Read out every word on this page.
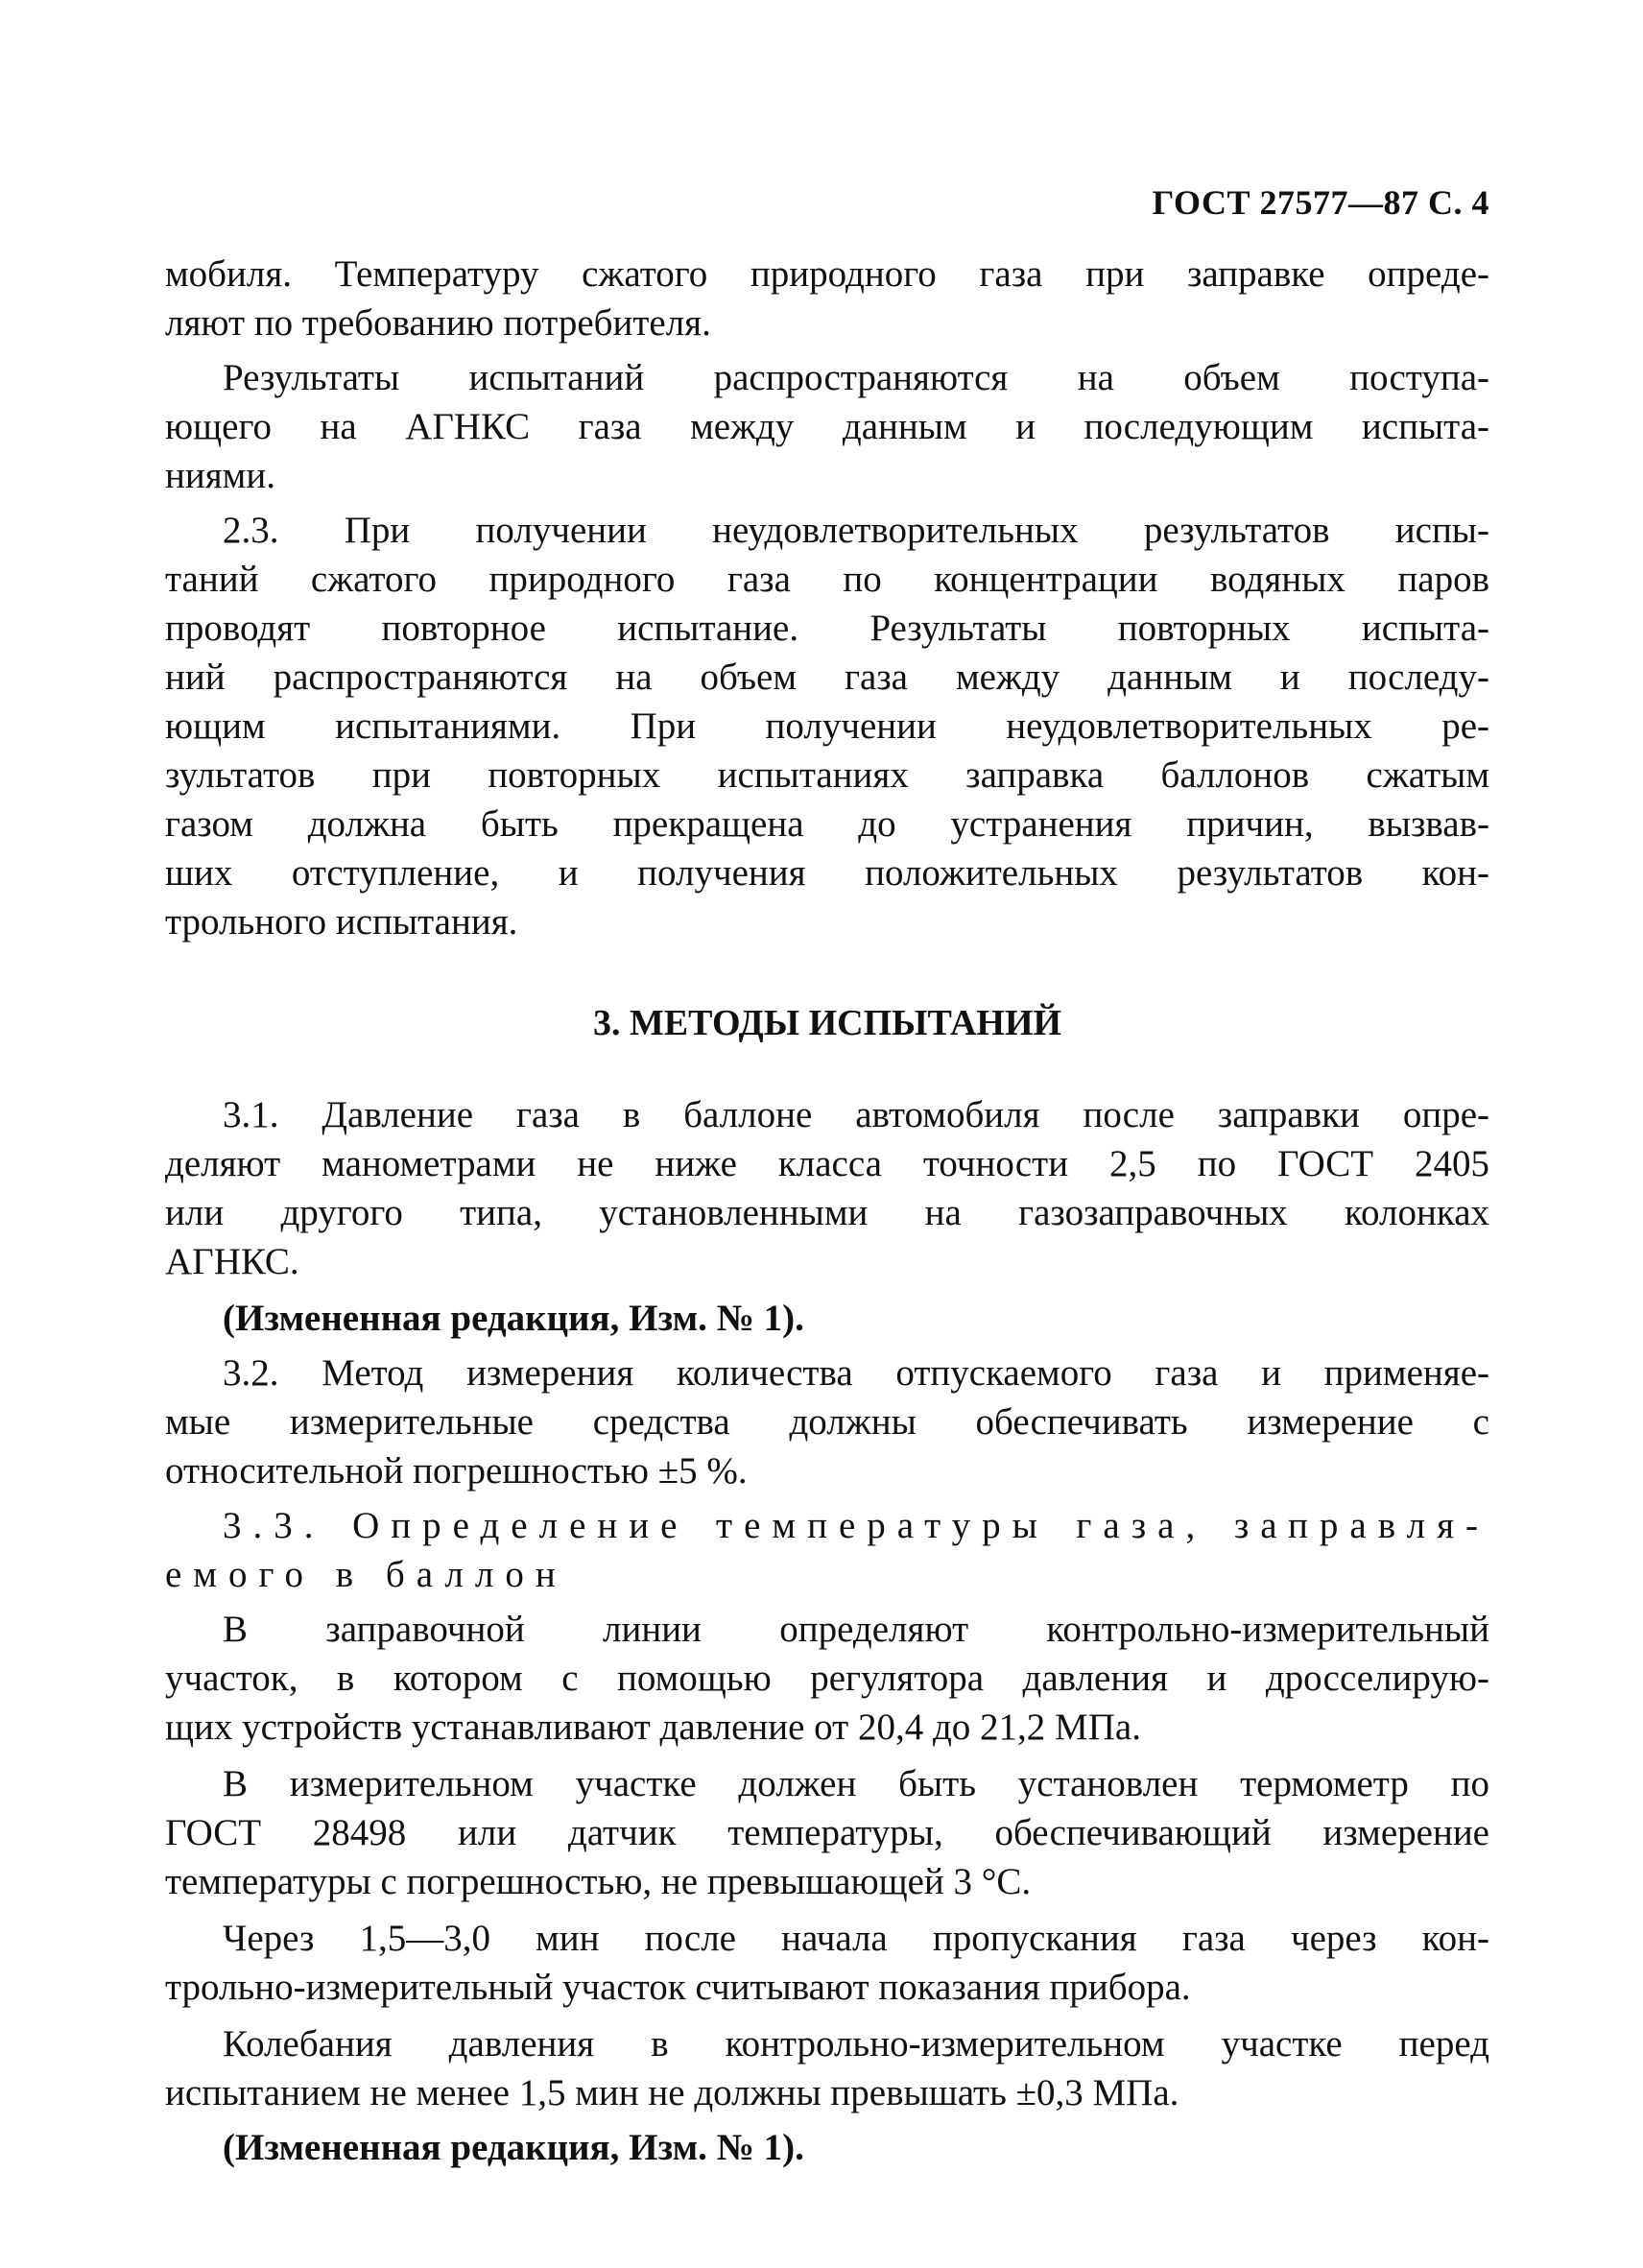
ГОСТ 27577—87 С. 4
мобиля. Температуру сжатого природного газа при заправке опреде-
ляют по требованию потребителя.
Результаты испытаний распространяются на объем поступа-
ющего на АГНКС газа между данным и последующим испыта-
ниями.
2.3. При получении неудовлетворительных результатов испы-
таний сжатого природного газа по концентрации водяных паров
проводят повторное испытание. Результаты повторных испыта-
ний распространяются на объем газа между данным и последу-
ющим испытаниями. При получении неудовлетворительных ре-
зультатов при повторных испытаниях заправка баллонов сжатым
газом должна быть прекращена до устранения причин, вызвав-
ших отступление, и получения положительных результатов кон-
трольного испытания.
3. МЕТОДЫ ИСПЫТАНИЙ
3.1. Давление газа в баллоне автомобиля после заправки опре-
деляют манометрами не ниже класса точности 2,5 по ГОСТ 2405
или другого типа, установленными на газозаправочных колонках
АГНКС.
(Измененная редакция, Изм. № 1).
3.2. Метод измерения количества отпускаемого газа и применяе-
мые измерительные средства должны обеспечивать измерение с
относительной погрешностью ±5 %.
3.3. Определение температуры газа, заправля-
емого в баллон
В заправочной линии определяют контрольно-измерительный
участок, в котором с помощью регулятора давления и дросселирую-
щих устройств устанавливают давление от 20,4 до 21,2 МПа.
В измерительном участке должен быть установлен термометр по
ГОСТ 28498 или датчик температуры, обеспечивающий измерение
температуры с погрешностью, не превышающей 3 °С.
Через 1,5—3,0 мин после начала пропускания газа через кон-
трольно-измерительный участок считывают показания прибора.
Колебания давления в контрольно-измерительном участке перед
испытанием не менее 1,5 мин не должны превышать ±0,3 МПа.
(Измененная редакция, Изм. № 1).
